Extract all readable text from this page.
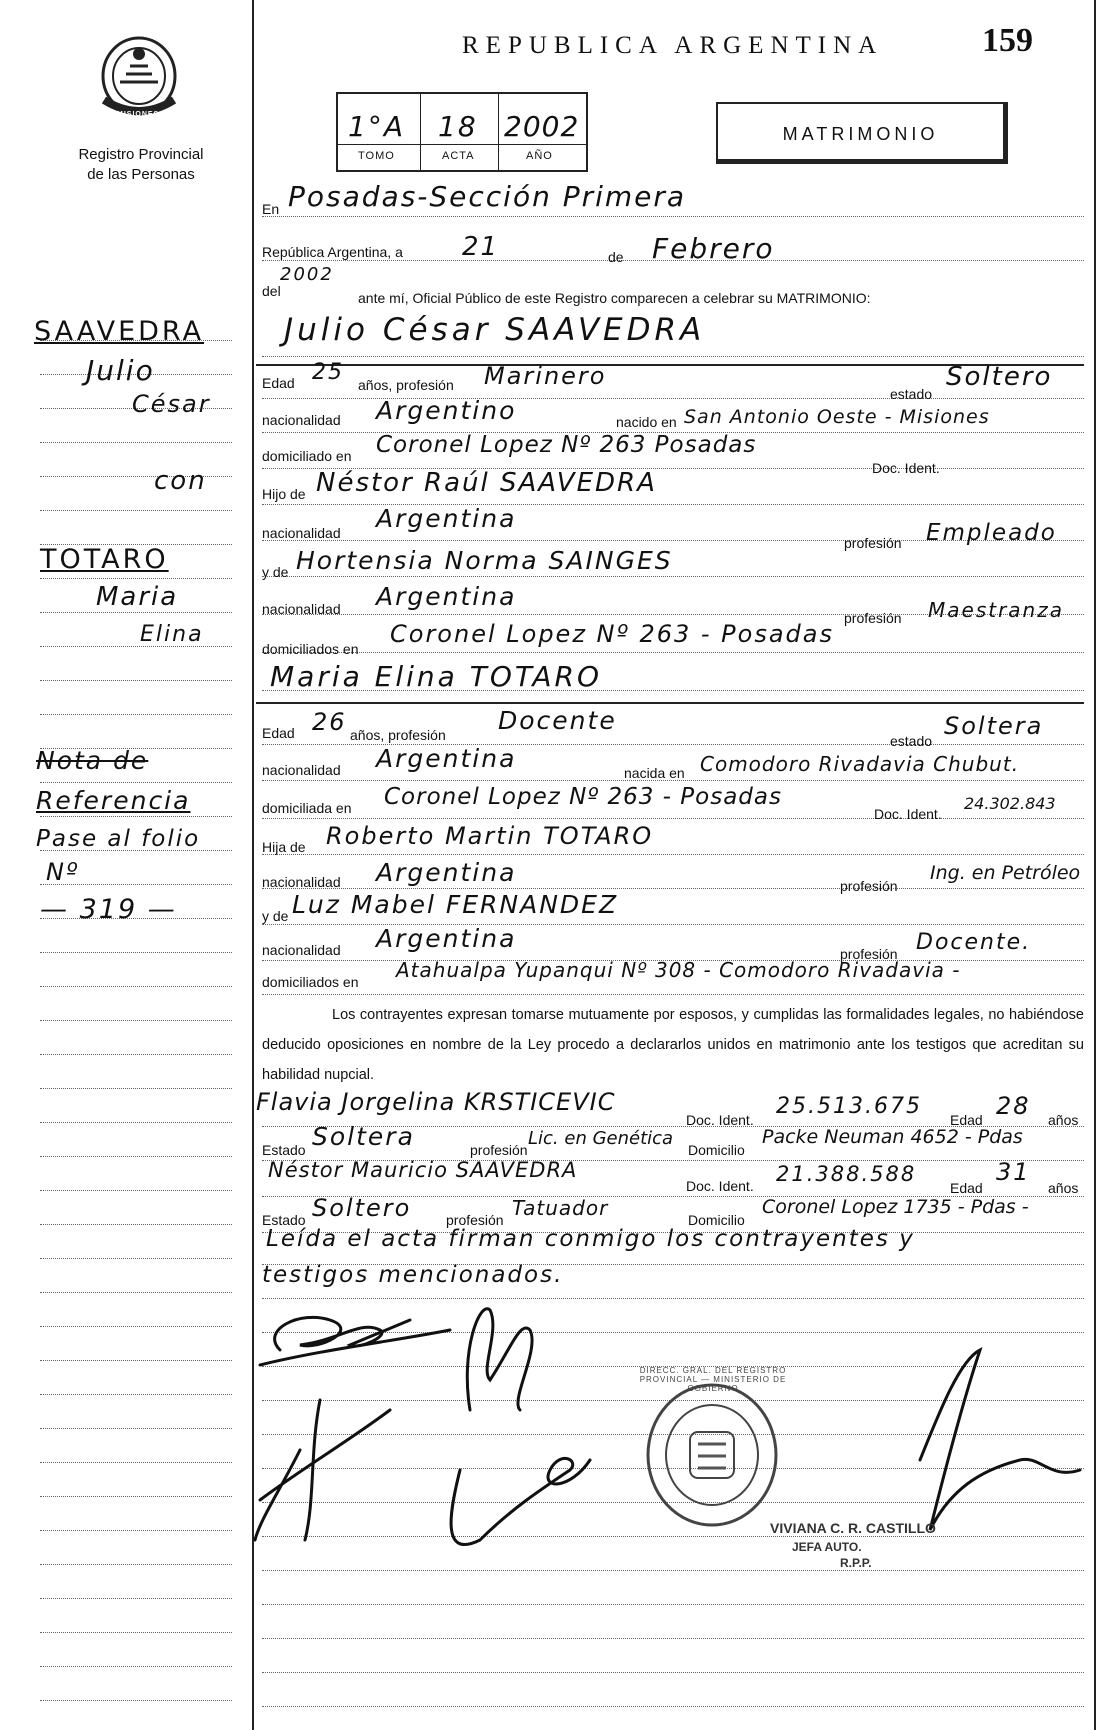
MISIONES
Registro Provincial
de las Personas
REPUBLICA ARGENTINA	159
1°A 18 2002
TOMO	ACTA	AÑO
MATRIMONIO
SAAVEDRA
Julio
César
con
TOTARO
Maria
Elina
Nota de
Referencia
Pase al folio
Nº
— 319 —
En Posadas-Sección Primera
República Argentina, a 21	de Febrero
del
2002
ante mí, Oficial Público de este Registro comparecen a celebrar su MATRIMONIO:
Julio César SAAVEDRA
Edad 25 años, profesión Marinero
estado
Soltero
nacionalidad Argentino	nacido en San Antonio Oeste - Misiones
domiciliado en Coronel Lopez Nº 263 Posadas
Doc. Ident.
Hijo de Néstor Raúl SAAVEDRA
nacionalidad Argentina
profesión Empleado
y de Hortensia Norma SAINGES
nacionalidad Argentina
profesión Maestranza
domiciliados en
Coronel Lopez Nº 263 - Posadas
Maria Elina TOTARO
Edad 26 años, profesión Docente
estado
Soltera
nacionalidad Argentina	nacida en Comodoro Rivadavia Chubut.
domiciliada en Coronel Lopez Nº 263 - Posadas
Doc. Ident.
24.302.843
Hija de Roberto Martin TOTARO
nacionalidad Argentina	profesión
Ing. en Petróleo
y de Luz Mabel FERNANDEZ
nacionalidad Argentina
profesión Docente.
domiciliados en Atahualpa Yupanqui Nº 308 - Comodoro Rivadavia -
Los contrayentes expresan tomarse mutuamente por esposos, y cumplidas las formalidades legales, no habiéndose deducido oposiciones en nombre de la Ley procedo a declararlos unidos en matrimonio ante los testigos que acreditan su habilidad nupcial.
Flavia Jorgelina KRSTICEVIC
Doc. Ident.
25.513.675
Edad 28 años
Estado Soltera	profesión
Lic. en Genética
Domicilio
Packe Neuman 4652 - Pdas
Néstor Mauricio SAAVEDRA
Doc. Ident. 21.388.588
Edad
31
años
Estado Soltero profesión Tatuador	Domicilio
Coronel Lopez 1735 - Pdas -
Leída el acta firman conmigo los contrayentes y
testigos mencionados.
DIRECC. GRAL. DEL REGISTRO PROVINCIAL — MINISTERIO DE GOBIERNO
VIVIANA C. R. CASTILLO
JEFA AUTO.
R.P.P.
